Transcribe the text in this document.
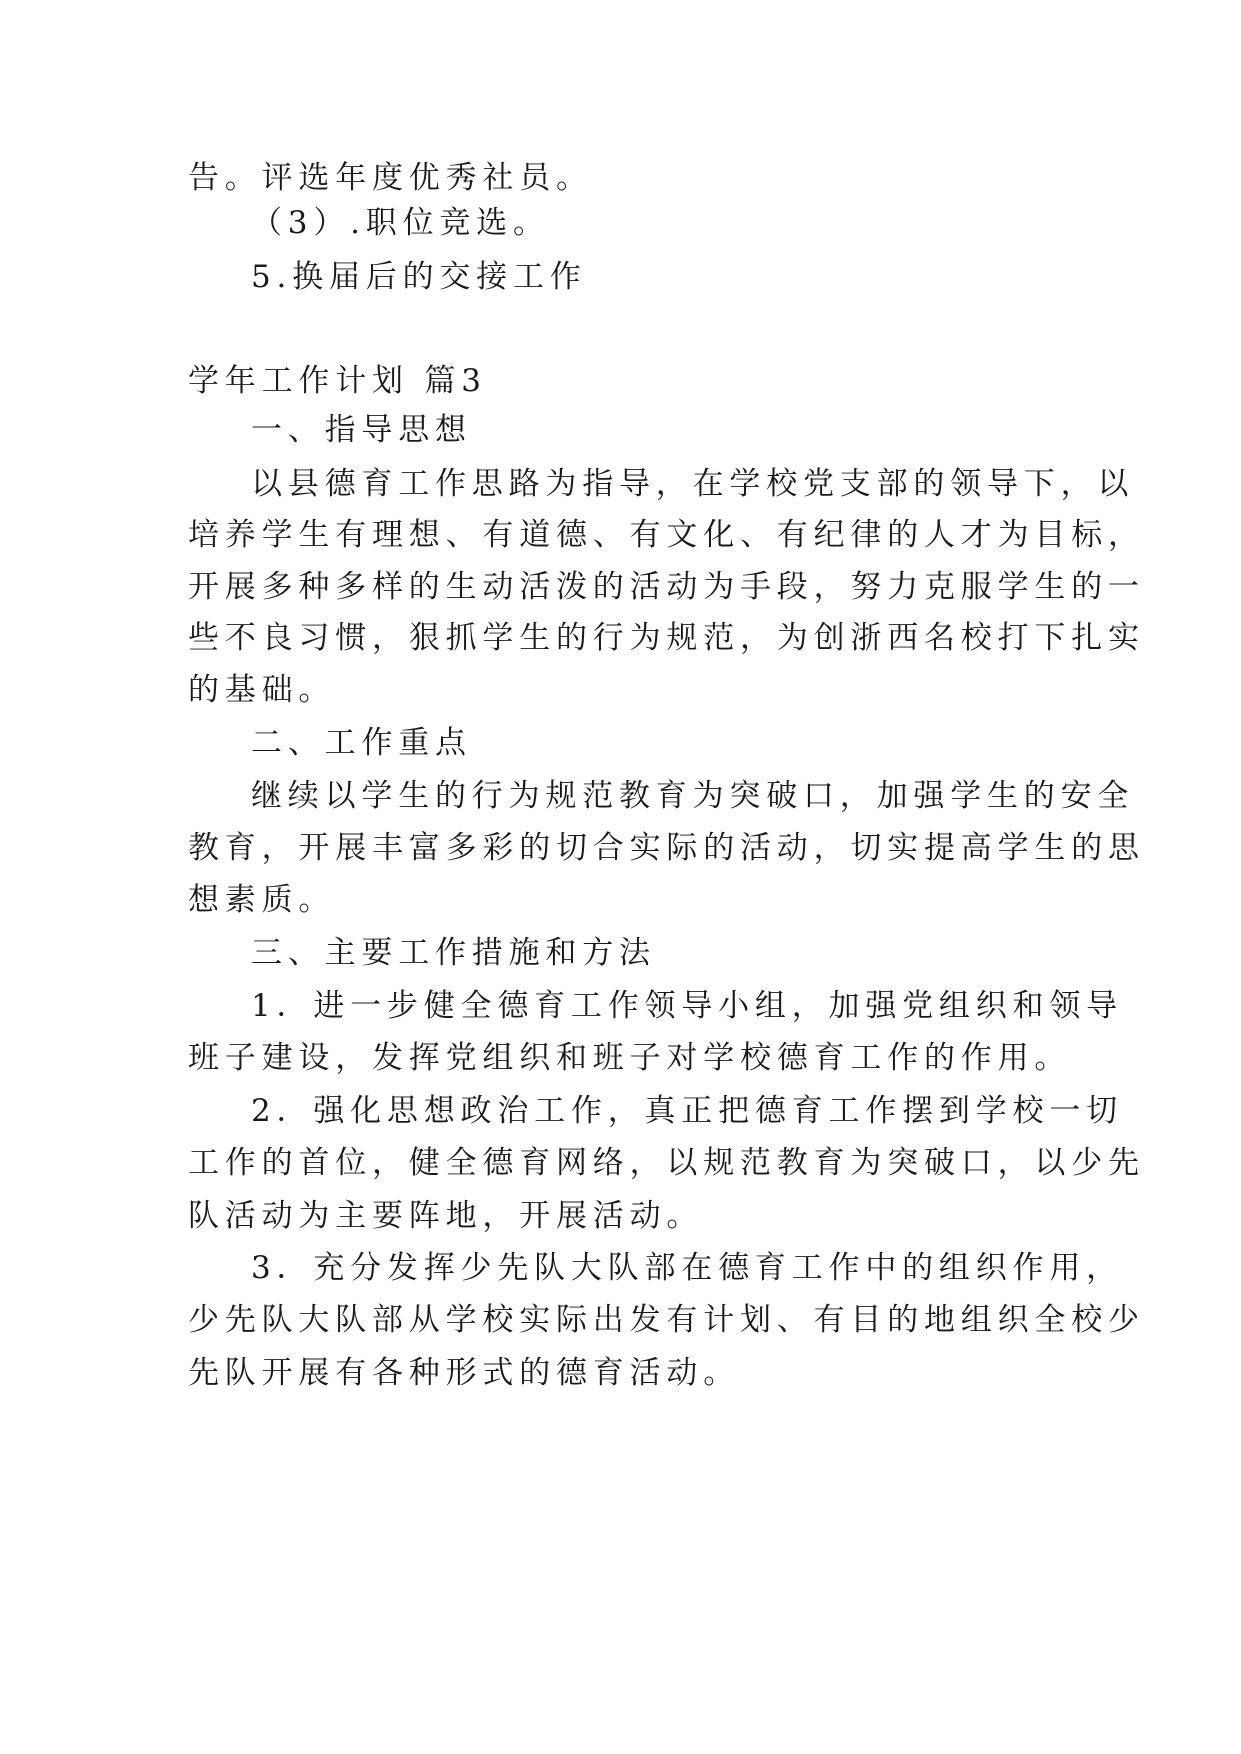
告。评选年度优秀社员。
（3）.职位竞选。
5.换届后的交接工作
学年工作计划 篇3
一、指导思想
以县德育工作思路为指导，在学校党支部的领导下，以
培养学生有理想、有道德、有文化、有纪律的人才为目标，
开展多种多样的生动活泼的活动为手段，努力克服学生的一
些不良习惯，狠抓学生的行为规范，为创浙西名校打下扎实
的基础。
二、工作重点
继续以学生的行为规范教育为突破口，加强学生的安全
教育，开展丰富多彩的切合实际的活动，切实提高学生的思
想素质。
三、主要工作措施和方法
1．进一步健全德育工作领导小组，加强党组织和领导
班子建设，发挥党组织和班子对学校德育工作的作用。
2．强化思想政治工作，真正把德育工作摆到学校一切
工作的首位，健全德育网络，以规范教育为突破口，以少先
队活动为主要阵地，开展活动。
3．充分发挥少先队大队部在德育工作中的组织作用，
少先队大队部从学校实际出发有计划、有目的地组织全校少
先队开展有各种形式的德育活动。
